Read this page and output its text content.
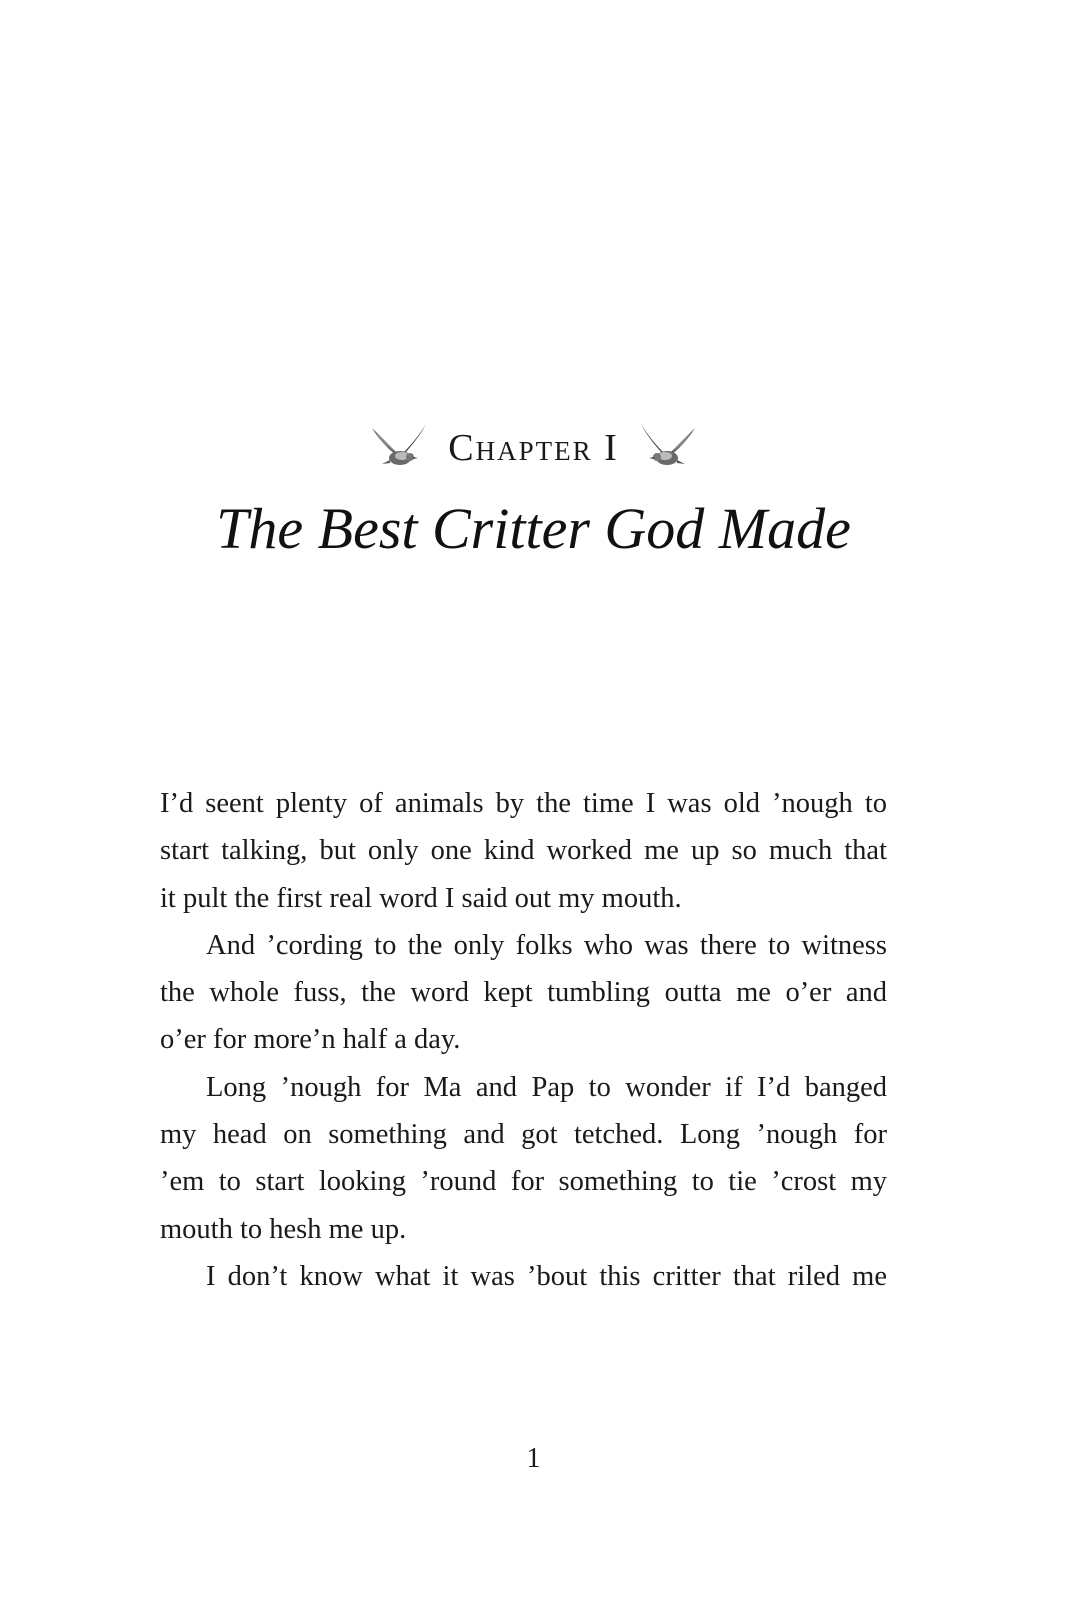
Chapter I
The Best Critter God Made
I’d seent plenty of animals by the time I was old ’nough to
start talking, but only one kind worked me up so much that
it pult the first real word I said out my mouth.
And ’cording to the only folks who was there to witness
the whole fuss, the word kept tumbling outta me o’er and
o’er for more’n half a day.
Long ’nough for Ma and Pap to wonder if I’d banged
my head on something and got tetched. Long ’nough for
’em to start looking ’round for something to tie ’crost my
mouth to hesh me up.
I don’t know what it was ’bout this critter that riled me
1
